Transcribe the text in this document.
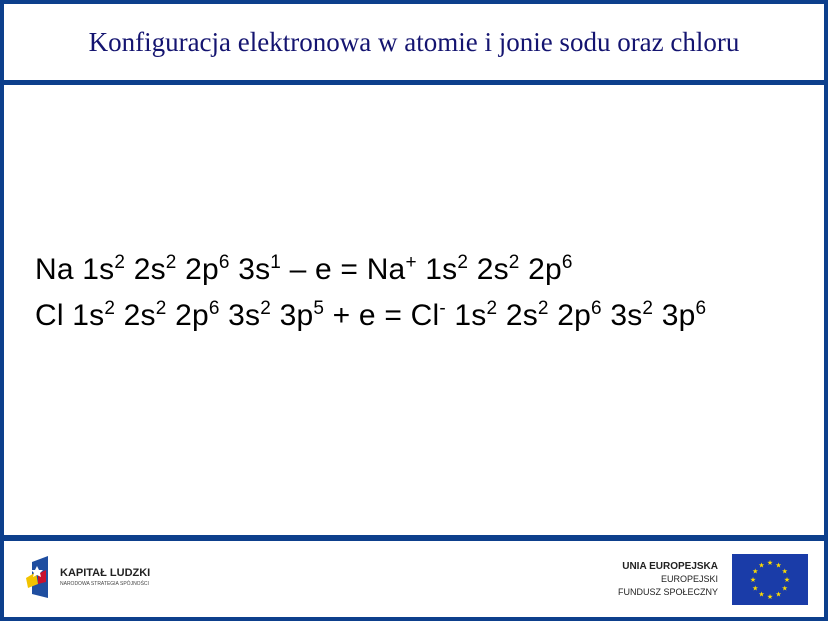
Konfiguracja elektronowa w atomie i jonie sodu oraz chloru
Na $1s^2$ $2s^2$ $2p^6$ $3s^1 - e = Na^+$ $1s^2$ $2s^2$ $2p^6$
Cl $1s^2$ $2s^2$ $2p^6$ $3s^2$ $3p^5 + e = Cl^-$ $1s^2$ $2s^2$ $2p^6$ $3s^2$ $3p^6$
KAPITAŁ LUDZKI
NARODOWA STRATEGIA SPÓJNOŚCI
UNIA EUROPEJSKA
EUROPEJSKI
FUNDUSZ SPOŁECZNY
★
★
★
★
★
★
★
★
★ ★ ★
★
